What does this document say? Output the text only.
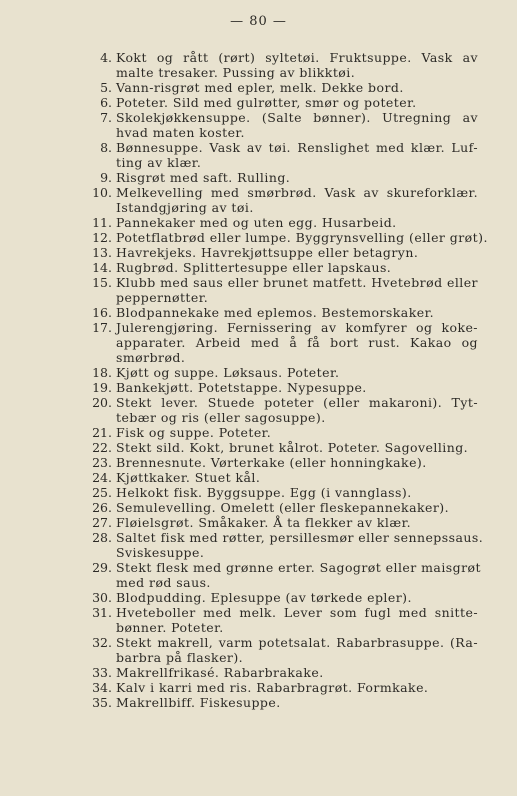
— 80 —
4. Kokt og rått (rørt) syltetøi. Fruktsuppe. Vask av
malte tresaker. Pussing av blikktøi.
5. Vann-risgrøt med epler, melk. Dekke bord.
6. Poteter. Sild med gulrøtter, smør og poteter.
7. Skolekjøkkensuppe. (Salte bønner). Utregning av
hvad maten koster.
8. Bønnesuppe. Vask av tøi. Renslighet med klær. Luf-
ting av klær.
9. Risgrøt med saft. Rulling.
10. Melkevelling med smørbrød. Vask av skureforklær.
Istandgjøring av tøi.
11. Pannekaker med og uten egg. Husarbeid.
12. Potetflatbrød eller lumpe. Byggrynsvelling (eller grøt).
13. Havrekjeks. Havrekjøttsuppe eller betagryn.
14. Rugbrød. Splittertesuppe eller lapskaus.
15. Klubb med saus eller brunet matfett. Hvetebrød eller
peppernøtter.
16. Blodpannekake med eplemos. Bestemorskaker.
17. Julerengjøring. Fernissering av komfyrer og koke-
apparater. Arbeid med å få bort rust. Kakao og
smørbrød.
18. Kjøtt og suppe. Løksaus. Poteter.
19. Bankekjøtt. Potetstappe. Nypesuppe.
20. Stekt lever. Stuede poteter (eller makaroni). Tyt-
tebær og ris (eller sagosuppe).
21. Fisk og suppe. Poteter.
22. Stekt sild. Kokt, brunet kålrot. Poteter. Sagovelling.
23. Brennesnute. Vørterkake (eller honningkake).
24. Kjøttkaker. Stuet kål.
25. Helkokt fisk. Byggsuppe. Egg (i vannglass).
26. Semulevelling. Omelett (eller fleskepannekaker).
27. Fløielsgrøt. Småkaker. Å ta flekker av klær.
28. Saltet fisk med røtter, persillesmør eller sennepssaus.
Sviskesuppe.
29. Stekt flesk med grønne erter. Sagogrøt eller maisgrøt
med rød saus.
30. Blodpudding. Eplesuppe (av tørkede epler).
31. Hveteboller med melk. Lever som fugl med snitte-
bønner. Poteter.
32. Stekt makrell, varm potetsalat. Rabarbrasuppe. (Ra-
barbra på flasker).
33. Makrellfrikasé. Rabarbrakake.
34. Kalv i karri med ris. Rabarbragrøt. Formkake.
35. Makrellbiff. Fiskesuppe.
